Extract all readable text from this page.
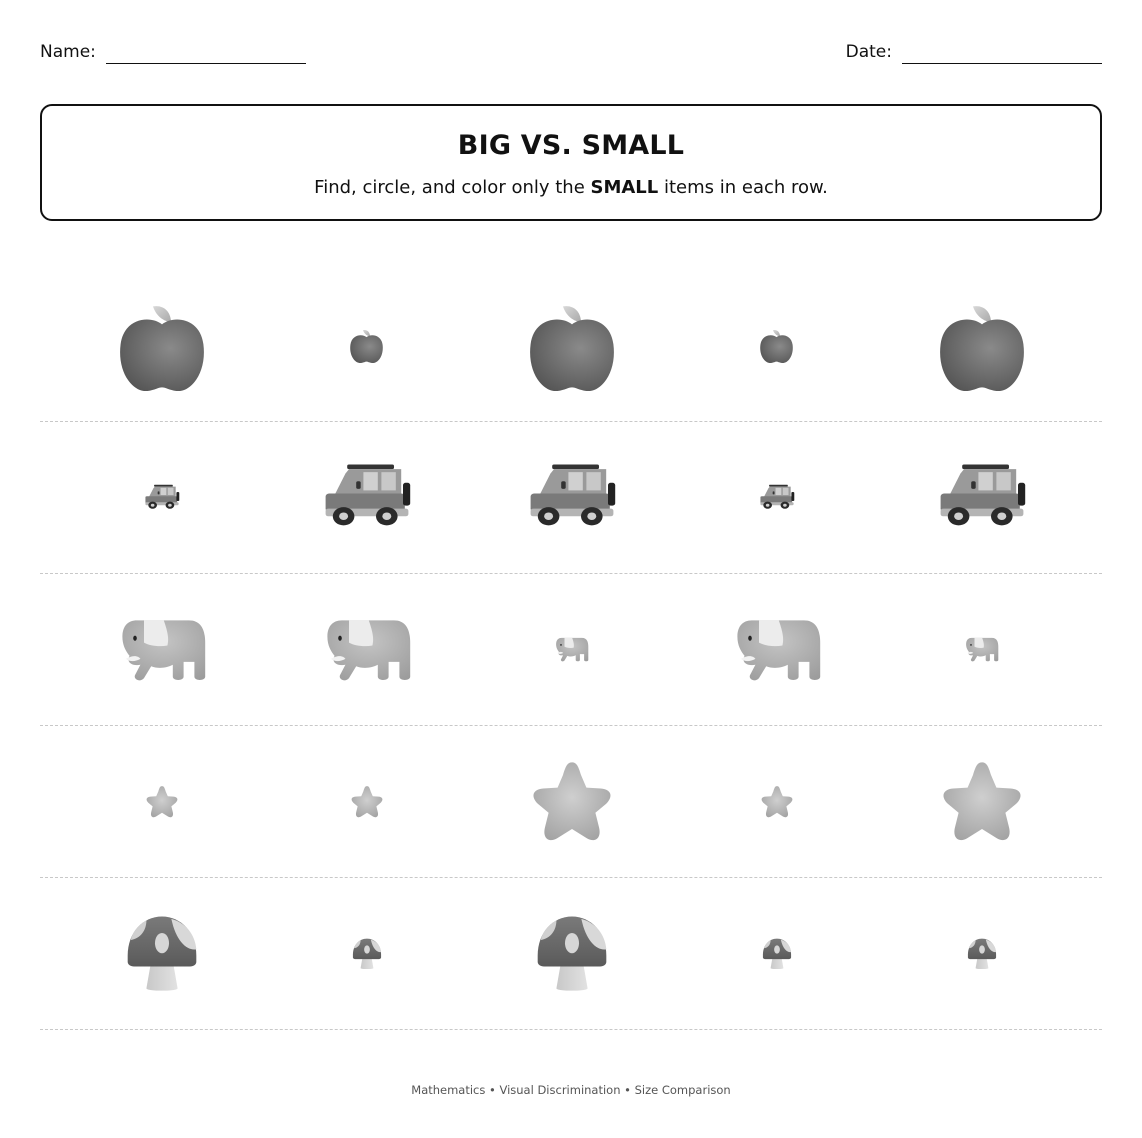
Name:	Date:
BIG VS. SMALL

Find, circle, and color only the SMALL items in each row.

Mathematics • Visual Discrimination • Size Comparison
